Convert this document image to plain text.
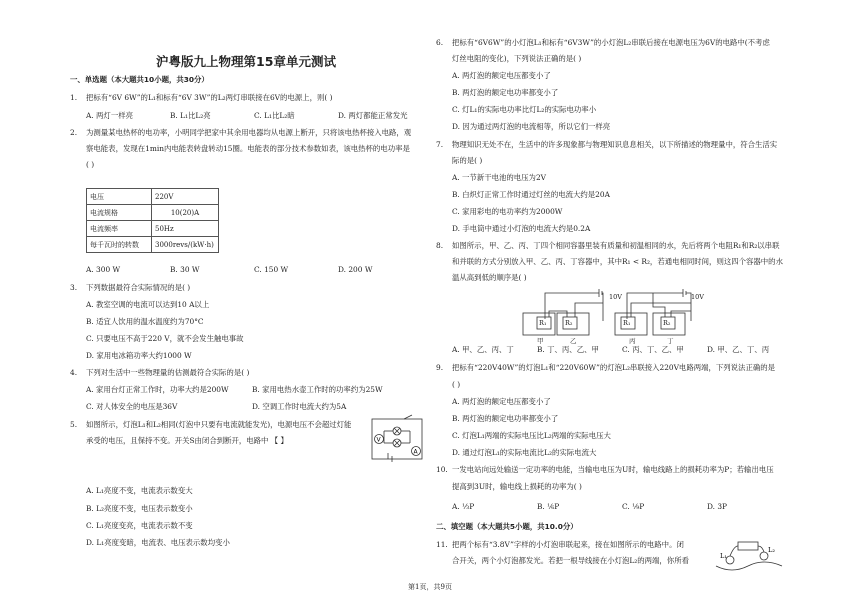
沪粤版九上物理第15章单元测试
一、单选题（本大题共10小题，共30分）
1. 把标有“6V 6W”的L₁和标有“6V 3W”的L₂两灯串联接在6V的电源上，则( )
A. 两灯一样亮	B. L₁比L₂亮	C. L₁比L₂暗	D. 两灯都能正常发光
2. 为测量某电热杯的电功率，小明同学把家中其余用电器均从电源上断开，只将该电热杯接入电路，观
察电能表，发现在1min内电能表转盘转动15圈。电能表的部分技术参数如表，该电热杯的电功率是
( )
电压	220V
电流规格	10(20)A
电流频率	50Hz
每千瓦时的转数	3000revs/(kW·h)
A. 300 W	B. 30 W	C. 150 W	D. 200 W
3. 下列数据最符合实际情况的是( )
A. 教室空调的电流可以达到10 A以上
B. 适宜人饮用的温水温度约为70°C
C. 只要电压不高于220 V，就不会发生触电事故
D. 家用电冰箱功率大约1000 W
4. 下列对生活中一些物理量的估测最符合实际的是( )
A. 家用台灯正常工作时，功率大约是200W	B. 家用电热水壶工作时的功率约为25W
C. 对人体安全的电压是36V	D. 空调工作时电流大约为5A
5. 如图所示，灯泡L₁和L₂相同(灯泡中只要有电流就能发光)，电源电压不会超过灯能
承受的电压，且保持不变。开关S由闭合到断开，电路中 【 】
A. L₁亮度不变，电流表示数变大
B. L₂亮度不变，电压表示数变小
C. L₁亮度变亮，电流表示数不变
D. L₁亮度变暗，电流表、电压表示数均变小
V
A
6. 把标有“6V6W”的小灯泡L₁和标有“6V3W”的小灯泡L₂串联后接在电源电压为6V的电路中(不考虑
灯丝电阻的变化)，下列说法正确的是( )
A. 两灯泡的额定电压都变小了
B. 两灯泡的额定电功率都变小了
C. 灯L₁的实际电功率比灯L₂的实际电功率小
D. 因为通过两灯泡的电流相等，所以它们一样亮
7. 物理知识无处不在，生活中的许多现象都与物理知识息息相关，以下所描述的物理量中，符合生活实
际的是( )
A. 一节新干电池的电压为2V
B. 白炽灯正常工作时通过灯丝的电流大约是20A
C. 家用彩电的电功率约为2000W
D. 手电筒中通过小灯泡的电流大约是0.2A
8. 如图所示，甲、乙、丙、丁四个相同容器里装有质量和初温相同的水，先后将两个电阻R₁和R₂以串联
和并联的方式分别放入甲、乙、丙、丁容器中，其中R₁ < R₂，若通电相同时间，则这四个容器中的水
温从高到低的顺序是( )
A. 甲、乙、丙、丁	B. 丁、丙、乙、甲	C. 丙、丁、乙、甲	D. 甲、乙、丁、丙
9. 把标有“220V40W”的灯泡L₁和“220V60W”的灯泡L₂串联接入220V电路两端，下列说法正确的是
( )
A. 两灯泡的额定电压都变小了
B. 两灯泡的额定电功率都变小了
C. 灯泡L₁两端的实际电压比L₂两端的实际电压大
D. 通过灯泡L₁的实际电流比L₂的实际电流大
10. 一发电站向远处输送一定功率的电能，当输电电压为U时，输电线路上的损耗功率为P；若输出电压
提高到3U时，输电线上损耗的功率为( )
A. ⅓P	B. ⅙P	C. ⅑P	D. 3P
二、填空题（本大题共5小题，共10.0分）
11. 把两个标有“3.8V”字样的小灯泡串联起来，接在如图所示的电路中。闭
合开关，两个小灯泡都发光。若把一根导线接在小灯泡L₂的两端，你所看
10V	10V
R₁	R₂	R₁	R₂
甲	乙	丙	丁
L₁
L₂
第1页，共9页
